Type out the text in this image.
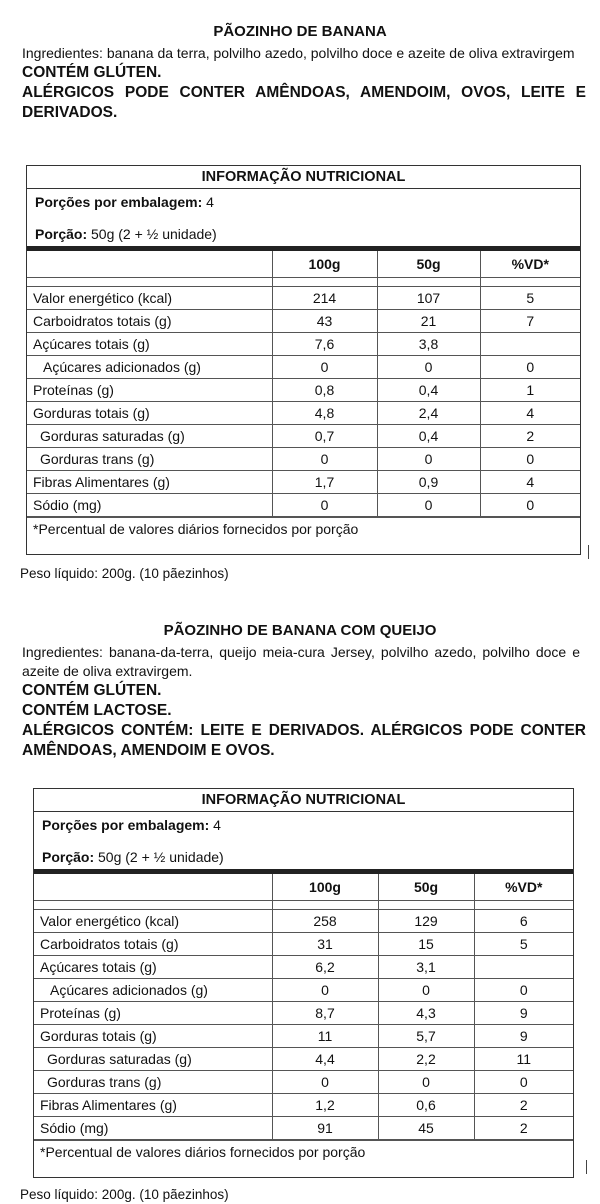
PÃOZINHO DE BANANA

Ingredientes: banana da terra, polvilho azedo, polvilho doce e azeite de oliva extravirgem

CONTÉM GLÚTEN.

ALÉRGICOS PODE CONTER AMÊNDOAS, AMENDOIM, OVOS, LEITE E DERIVADOS.

INFORMAÇÃO NUTRICIONAL

Porções por embalagem: 4

Porção: 50g (2 + ½ unidade)

	100g	50g	%VD*

Valor energético (kcal)	214	107	5
Carboidratos totais (g)	43	21	7
Açúcares totais (g)	7,6	3,8	
Açúcares adicionados (g)	0	0	0
Proteínas (g)	0,8	0,4	1
Gorduras totais (g)	4,8	2,4	4
Gorduras saturadas (g)	0,7	0,4	2
Gorduras trans (g)	0	0	0
Fibras Alimentares (g)	1,7	0,9	4
Sódio (mg)	0	0	0
*Percentual de valores diários fornecidos por porção
Peso líquido: 200g. (10 pãezinhos)

PÃOZINHO DE BANANA COM QUEIJO

Ingredientes: banana-da-terra, queijo meia-cura Jersey, polvilho azedo, polvilho doce e azeite de oliva extravirgem.

CONTÉM GLÚTEN.

CONTÉM LACTOSE.

ALÉRGICOS CONTÉM: LEITE E DERIVADOS. ALÉRGICOS PODE CONTER AMÊNDOAS, AMENDOIM E OVOS.

INFORMAÇÃO NUTRICIONAL

Porções por embalagem: 4

Porção: 50g (2 + ½ unidade)

	100g	50g	%VD*

Valor energético (kcal)	258	129	6
Carboidratos totais (g)	31	15	5
Açúcares totais (g)	6,2	3,1	
Açúcares adicionados (g)	0	0	0
Proteínas (g)	8,7	4,3	9
Gorduras totais (g)	11	5,7	9
Gorduras saturadas (g)	4,4	2,2	11
Gorduras trans (g)	0	0	0
Fibras Alimentares (g)	1,2	0,6	2
Sódio (mg)	91	45	2
*Percentual de valores diários fornecidos por porção
Peso líquido: 200g. (10 pãezinhos)
